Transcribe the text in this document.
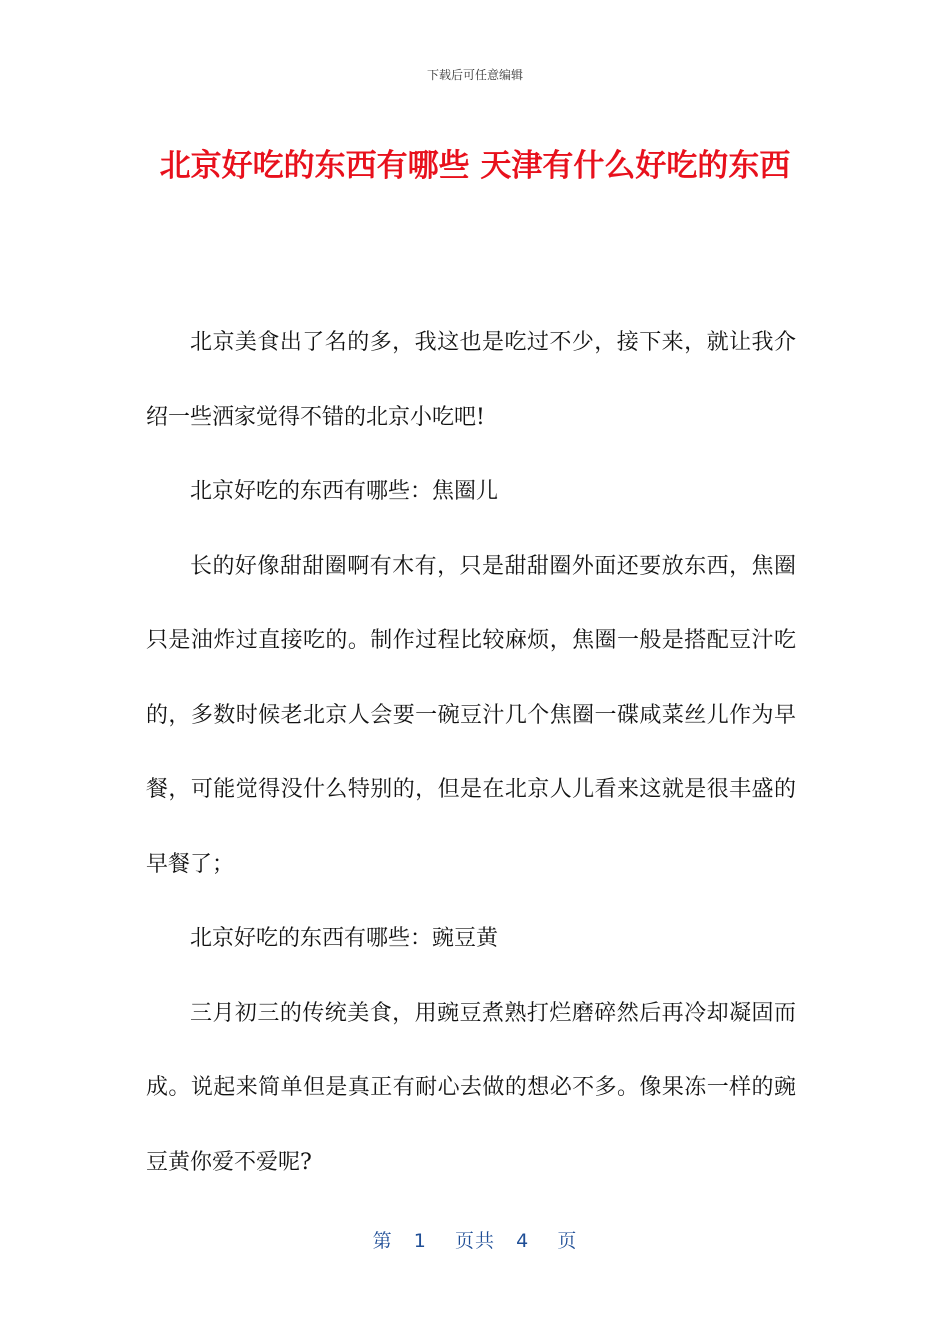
下载后可任意编辑
北京好吃的东西有哪些 天津有什么好吃的东西

北京美食出了名的多，我这也是吃过不少，接下来，就让我介绍一些洒家觉得不错的北京小吃吧!

北京好吃的东西有哪些：焦圈儿

长的好像甜甜圈啊有木有，只是甜甜圈外面还要放东西，焦圈只是油炸过直接吃的。制作过程比较麻烦，焦圈一般是搭配豆汁吃的，多数时候老北京人会要一碗豆汁几个焦圈一碟咸菜丝儿作为早餐，可能觉得没什么特别的，但是在北京人儿看来这就是很丰盛的早餐了；

北京好吃的东西有哪些：豌豆黄

三月初三的传统美食，用豌豆煮熟打烂磨碎然后再冷却凝固而成。说起来简单但是真正有耐心去做的想必不多。像果冻一样的豌豆黄你爱不爱呢?

第 1 页共 4 页
